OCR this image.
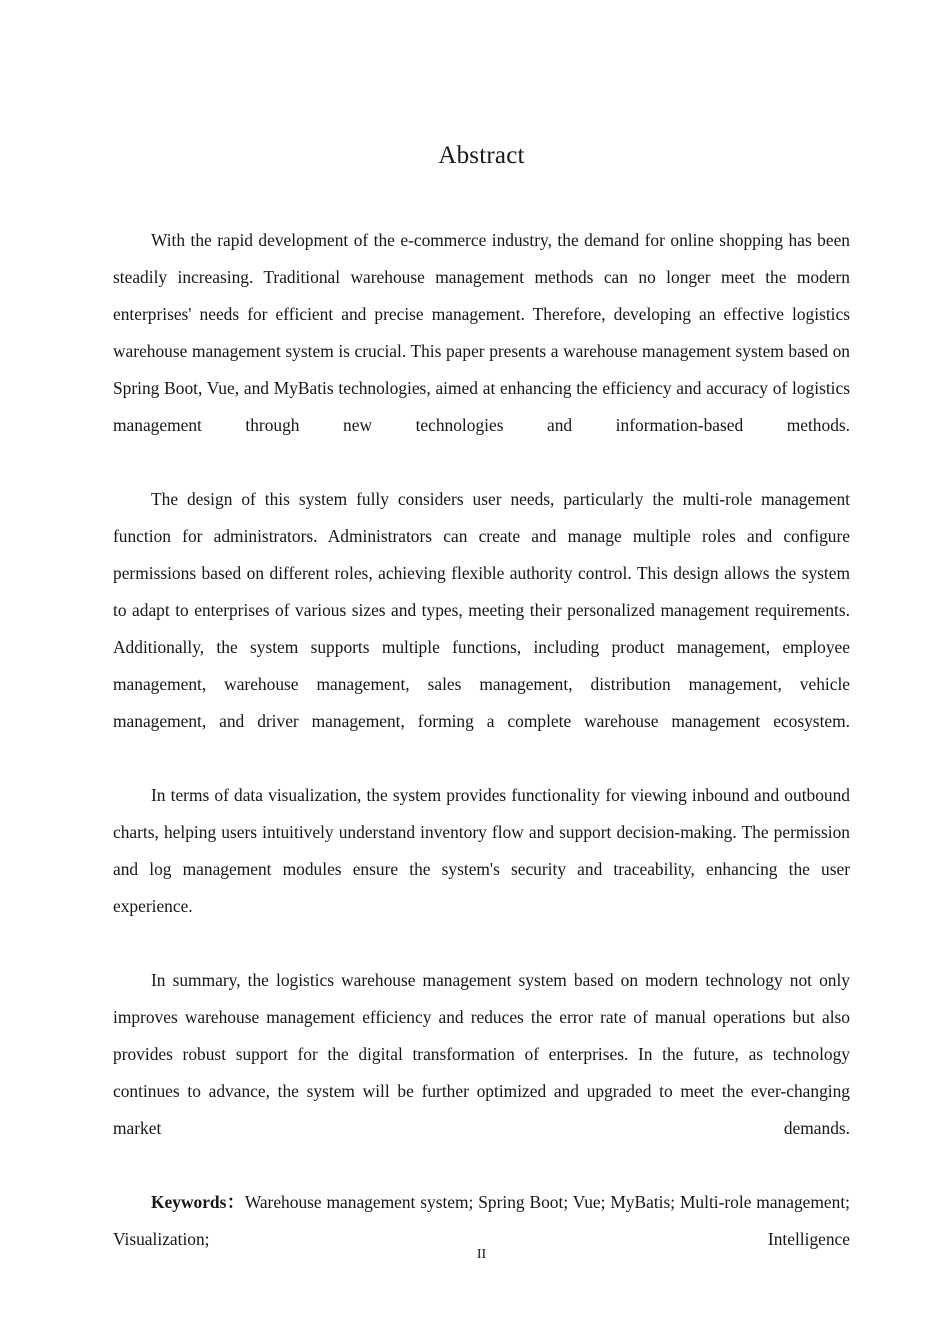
Abstract

With the rapid development of the e-commerce industry, the demand for online shopping has been steadily increasing. Traditional warehouse management methods can no longer meet the modern enterprises' needs for efficient and precise management. Therefore, developing an effective logistics warehouse management system is crucial. This paper presents a warehouse management system based on Spring Boot, Vue, and MyBatis technologies, aimed at enhancing the efficiency and accuracy of logistics management through new technologies and information-based methods.

The design of this system fully considers user needs, particularly the multi-role management function for administrators. Administrators can create and manage multiple roles and configure permissions based on different roles, achieving flexible authority control. This design allows the system to adapt to enterprises of various sizes and types, meeting their personalized management requirements. Additionally, the system supports multiple functions, including product management, employee management, warehouse management, sales management, distribution management, vehicle management, and driver management, forming a complete warehouse management ecosystem.

In terms of data visualization, the system provides functionality for viewing inbound and outbound charts, helping users intuitively understand inventory flow and support decision-making. The permission and log management modules ensure the system's security and traceability, enhancing the user experience.

In summary, the logistics warehouse management system based on modern technology not only improves warehouse management efficiency and reduces the error rate of manual operations but also provides robust support for the digital transformation of enterprises. In the future, as technology continues to advance, the system will be further optimized and upgraded to meet the ever-changing market demands.

Keywords：Warehouse management system; Spring Boot; Vue; MyBatis; Multi-role management; Visualization; Intelligence

II
